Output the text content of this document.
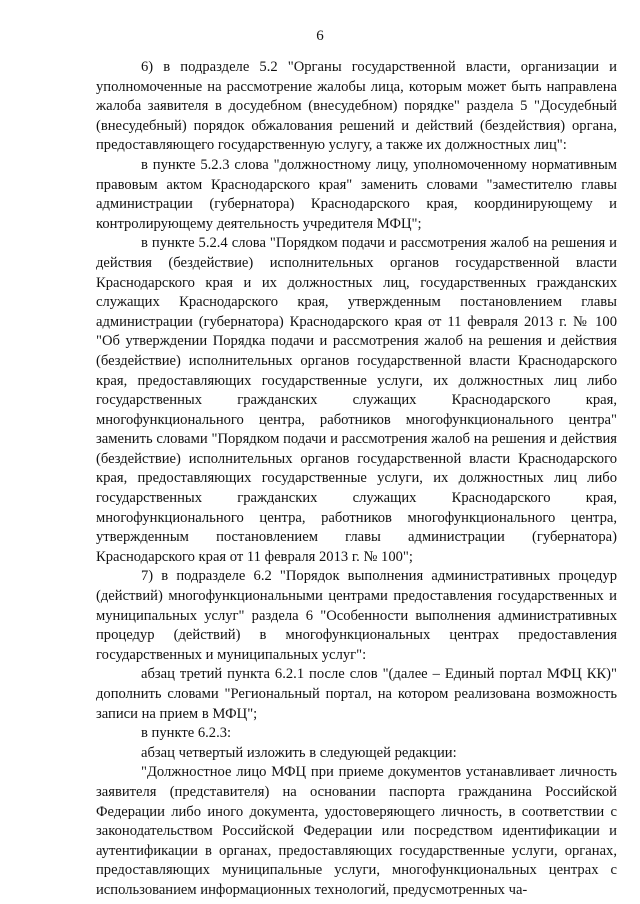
6

6) в подразделе 5.2 "Органы государственной власти, организации и уполномоченные на рассмотрение жалобы лица, которым может быть направлена жалоба заявителя в досудебном (внесудебном) порядке" раздела 5 "Досудебный (внесудебный) порядок обжалования решений и действий (бездействия) органа, предоставляющего государственную услугу, а также их должностных лиц":

в пункте 5.2.3 слова "должностному лицу, уполномоченному нормативным правовым актом Краснодарского края" заменить словами "заместителю главы администрации (губернатора) Краснодарского края, координирующему и контролирующему деятельность учредителя МФЦ";

в пункте 5.2.4 слова "Порядком подачи и рассмотрения жалоб на решения и действия (бездействие) исполнительных органов государственной власти Краснодарского края и их должностных лиц, государственных гражданских служащих Краснодарского края, утвержденным постановлением главы администрации (губернатора) Краснодарского края от 11 февраля 2013 г. № 100 "Об утверждении Порядка подачи и рассмотрения жалоб на решения и действия (бездействие) исполнительных органов государственной власти Краснодарского края, предоставляющих государственные услуги, их должностных лиц либо государственных гражданских служащих Краснодарского края, многофункционального центра, работников многофункционального центра" заменить словами "Порядком подачи и рассмотрения жалоб на решения и действия (бездействие) исполнительных органов государственной власти Краснодарского края, предоставляющих государственные услуги, их должностных лиц либо государственных гражданских служащих Краснодарского края, многофункционального центра, работников многофункционального центра, утвержденным постановлением главы администрации (губернатора) Краснодарского края от 11 февраля 2013 г. № 100";

7) в подразделе 6.2 "Порядок выполнения административных процедур (действий) многофункциональными центрами предоставления государственных и муниципальных услуг" раздела 6 "Особенности выполнения административных процедур (действий) в многофункциональных центрах предоставления государственных и муниципальных услуг":

абзац третий пункта 6.2.1 после слов "(далее – Единый портал МФЦ КК)" дополнить словами "Региональный портал, на котором реализована возможность записи на прием в МФЦ";

в пункте 6.2.3:

абзац четвертый изложить в следующей редакции:

"Должностное лицо МФЦ при приеме документов устанавливает личность заявителя (представителя) на основании паспорта гражданина Российской Федерации либо иного документа, удостоверяющего личность, в соответствии с законодательством Российской Федерации или посредством идентификации и аутентификации в органах, предоставляющих государственные услуги, органах, предоставляющих муниципальные услуги, многофункциональных центрах с использованием информационных технологий, предусмотренных ча-
